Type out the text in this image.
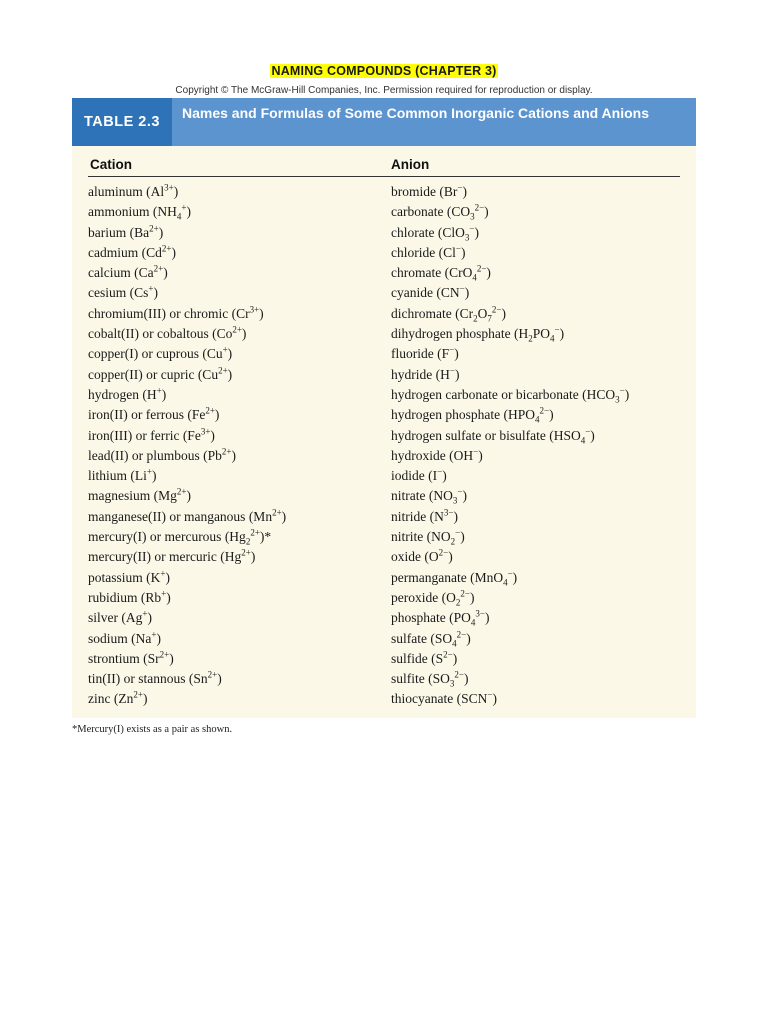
NAMING COMPOUNDS (CHAPTER 3)
Copyright © The McGraw-Hill Companies, Inc. Permission required for reproduction or display.
TABLE 2.3
Names and Formulas of Some Common Inorganic Cations and Anions
Cation	Anion
aluminum $(Al^{3+})$
ammonium $(NH_4^+)$
barium $(Ba^{2+})$
cadmium $(Cd^{2+})$
calcium $(Ca^{2+})$
cesium (Cs+)
chromium(III) or chromic $(Cr^{3+})$
cobalt(II) or cobaltous $(Co^{2+})$
copper(I) or cuprous (Cu+)
copper(II) or cupric $(Cu^{2+})$
hydrogen (H+)
iron(II) or ferrous $(Fe^{2+})$
iron(III) or ferric $(Fe^{3+})$
lead(II) or plumbous $(Pb^{2+})$
lithium (Li+)
magnesium $(Mg^{2+})$
manganese(II) or manganous $(Mn^{2+})$
mercury(I) or mercurous $(Hg_2^{2+})*$
mercury(II) or mercuric $(Hg^{2+})$
potassium (K+)
rubidium (Rb+)
silver (Ag+)
sodium (Na+)
strontium $(Sr^{2+})$
tin(II) or stannous $(Sn^{2+})$
zinc $(Zn^{2+})$
bromide (Br−)
carbonate $(CO_3^{2-})$
chlorate (ClO$_3$−)
chloride (Cl−)
chromate (CrO$_4^{2-}$)
cyanide (CN−)
dichromate $(Cr_2O_7^{2-})$
dihydrogen phosphate $(H_2PO_4^-)$
fluoride (F−)
hydride (H−)
hydrogen carbonate or bicarbonate $(HCO_3^-)$
hydrogen phosphate $(HPO_4^{2-})$
hydrogen sulfate or bisulfate $(HSO_4^-)$
hydroxide (OH−)
iodide (I−)
nitrate $(NO_3^-)$
nitride $(N^{3-})$
nitrite $(NO_2^-)$
oxide $(O^{2-})$
permanganate (MnO$_4$−)
peroxide $(O_2^{2-})$
phosphate $(PO_4^{3-})$
sulfate $(SO_4^{2-})$
sulfide $(S^{2-})$
sulfite $(SO_3^{2-})$
thiocyanate (SCN−)
*Mercury(I) exists as a pair as shown.
